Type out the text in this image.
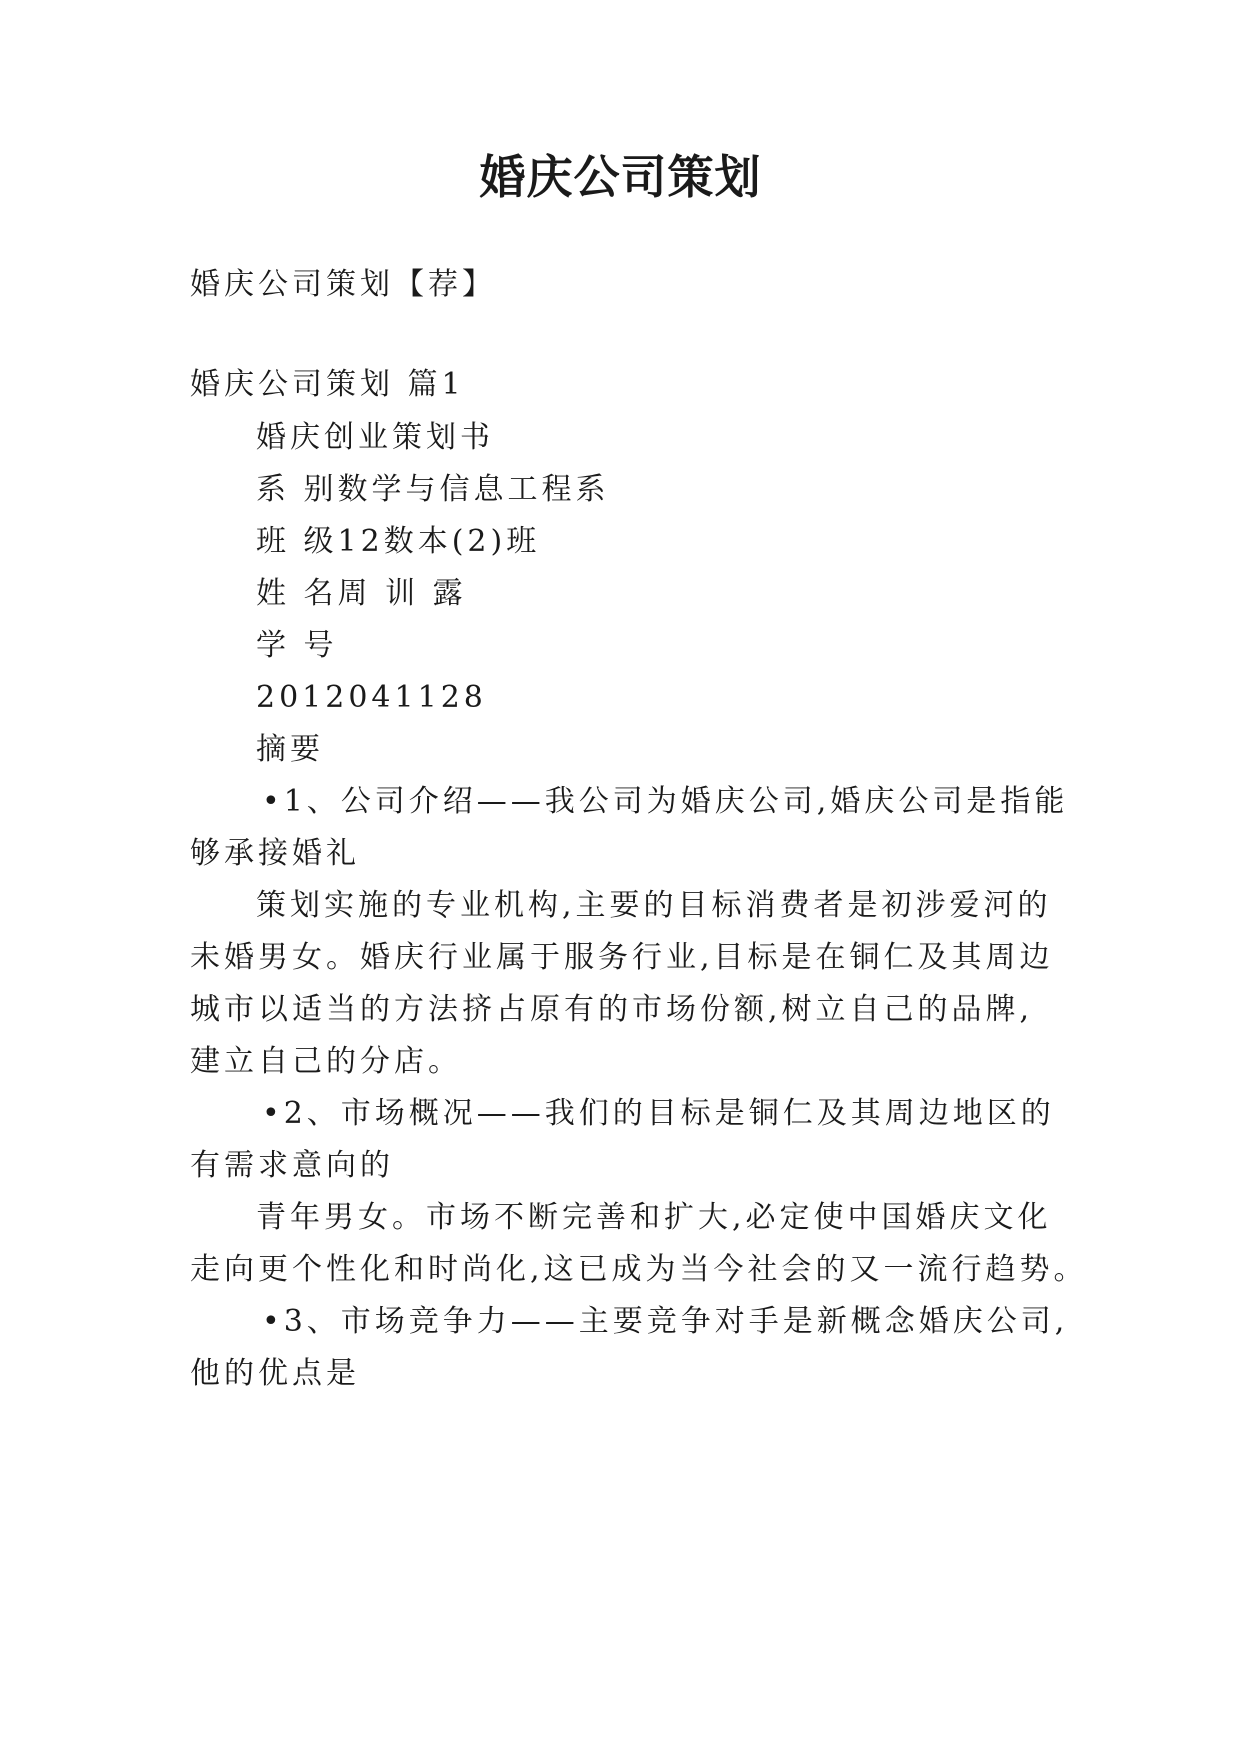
婚庆公司策划
婚庆公司策划【荐】
婚庆公司策划 篇1
婚庆创业策划书
系 别数学与信息工程系
班 级12数本(2)班
姓 名周 训 露
学 号
2012041128
摘要
•1、公司介绍——我公司为婚庆公司,婚庆公司是指能
够承接婚礼
策划实施的专业机构,主要的目标消费者是初涉爱河的
未婚男女。婚庆行业属于服务行业,目标是在铜仁及其周边
城市以适当的方法挤占原有的市场份额,树立自己的品牌,
建立自己的分店。
•2、市场概况——我们的目标是铜仁及其周边地区的
有需求意向的
青年男女。市场不断完善和扩大,必定使中国婚庆文化
走向更个性化和时尚化,这已成为当今社会的又一流行趋势。
•3、市场竞争力——主要竞争对手是新概念婚庆公司,
他的优点是
